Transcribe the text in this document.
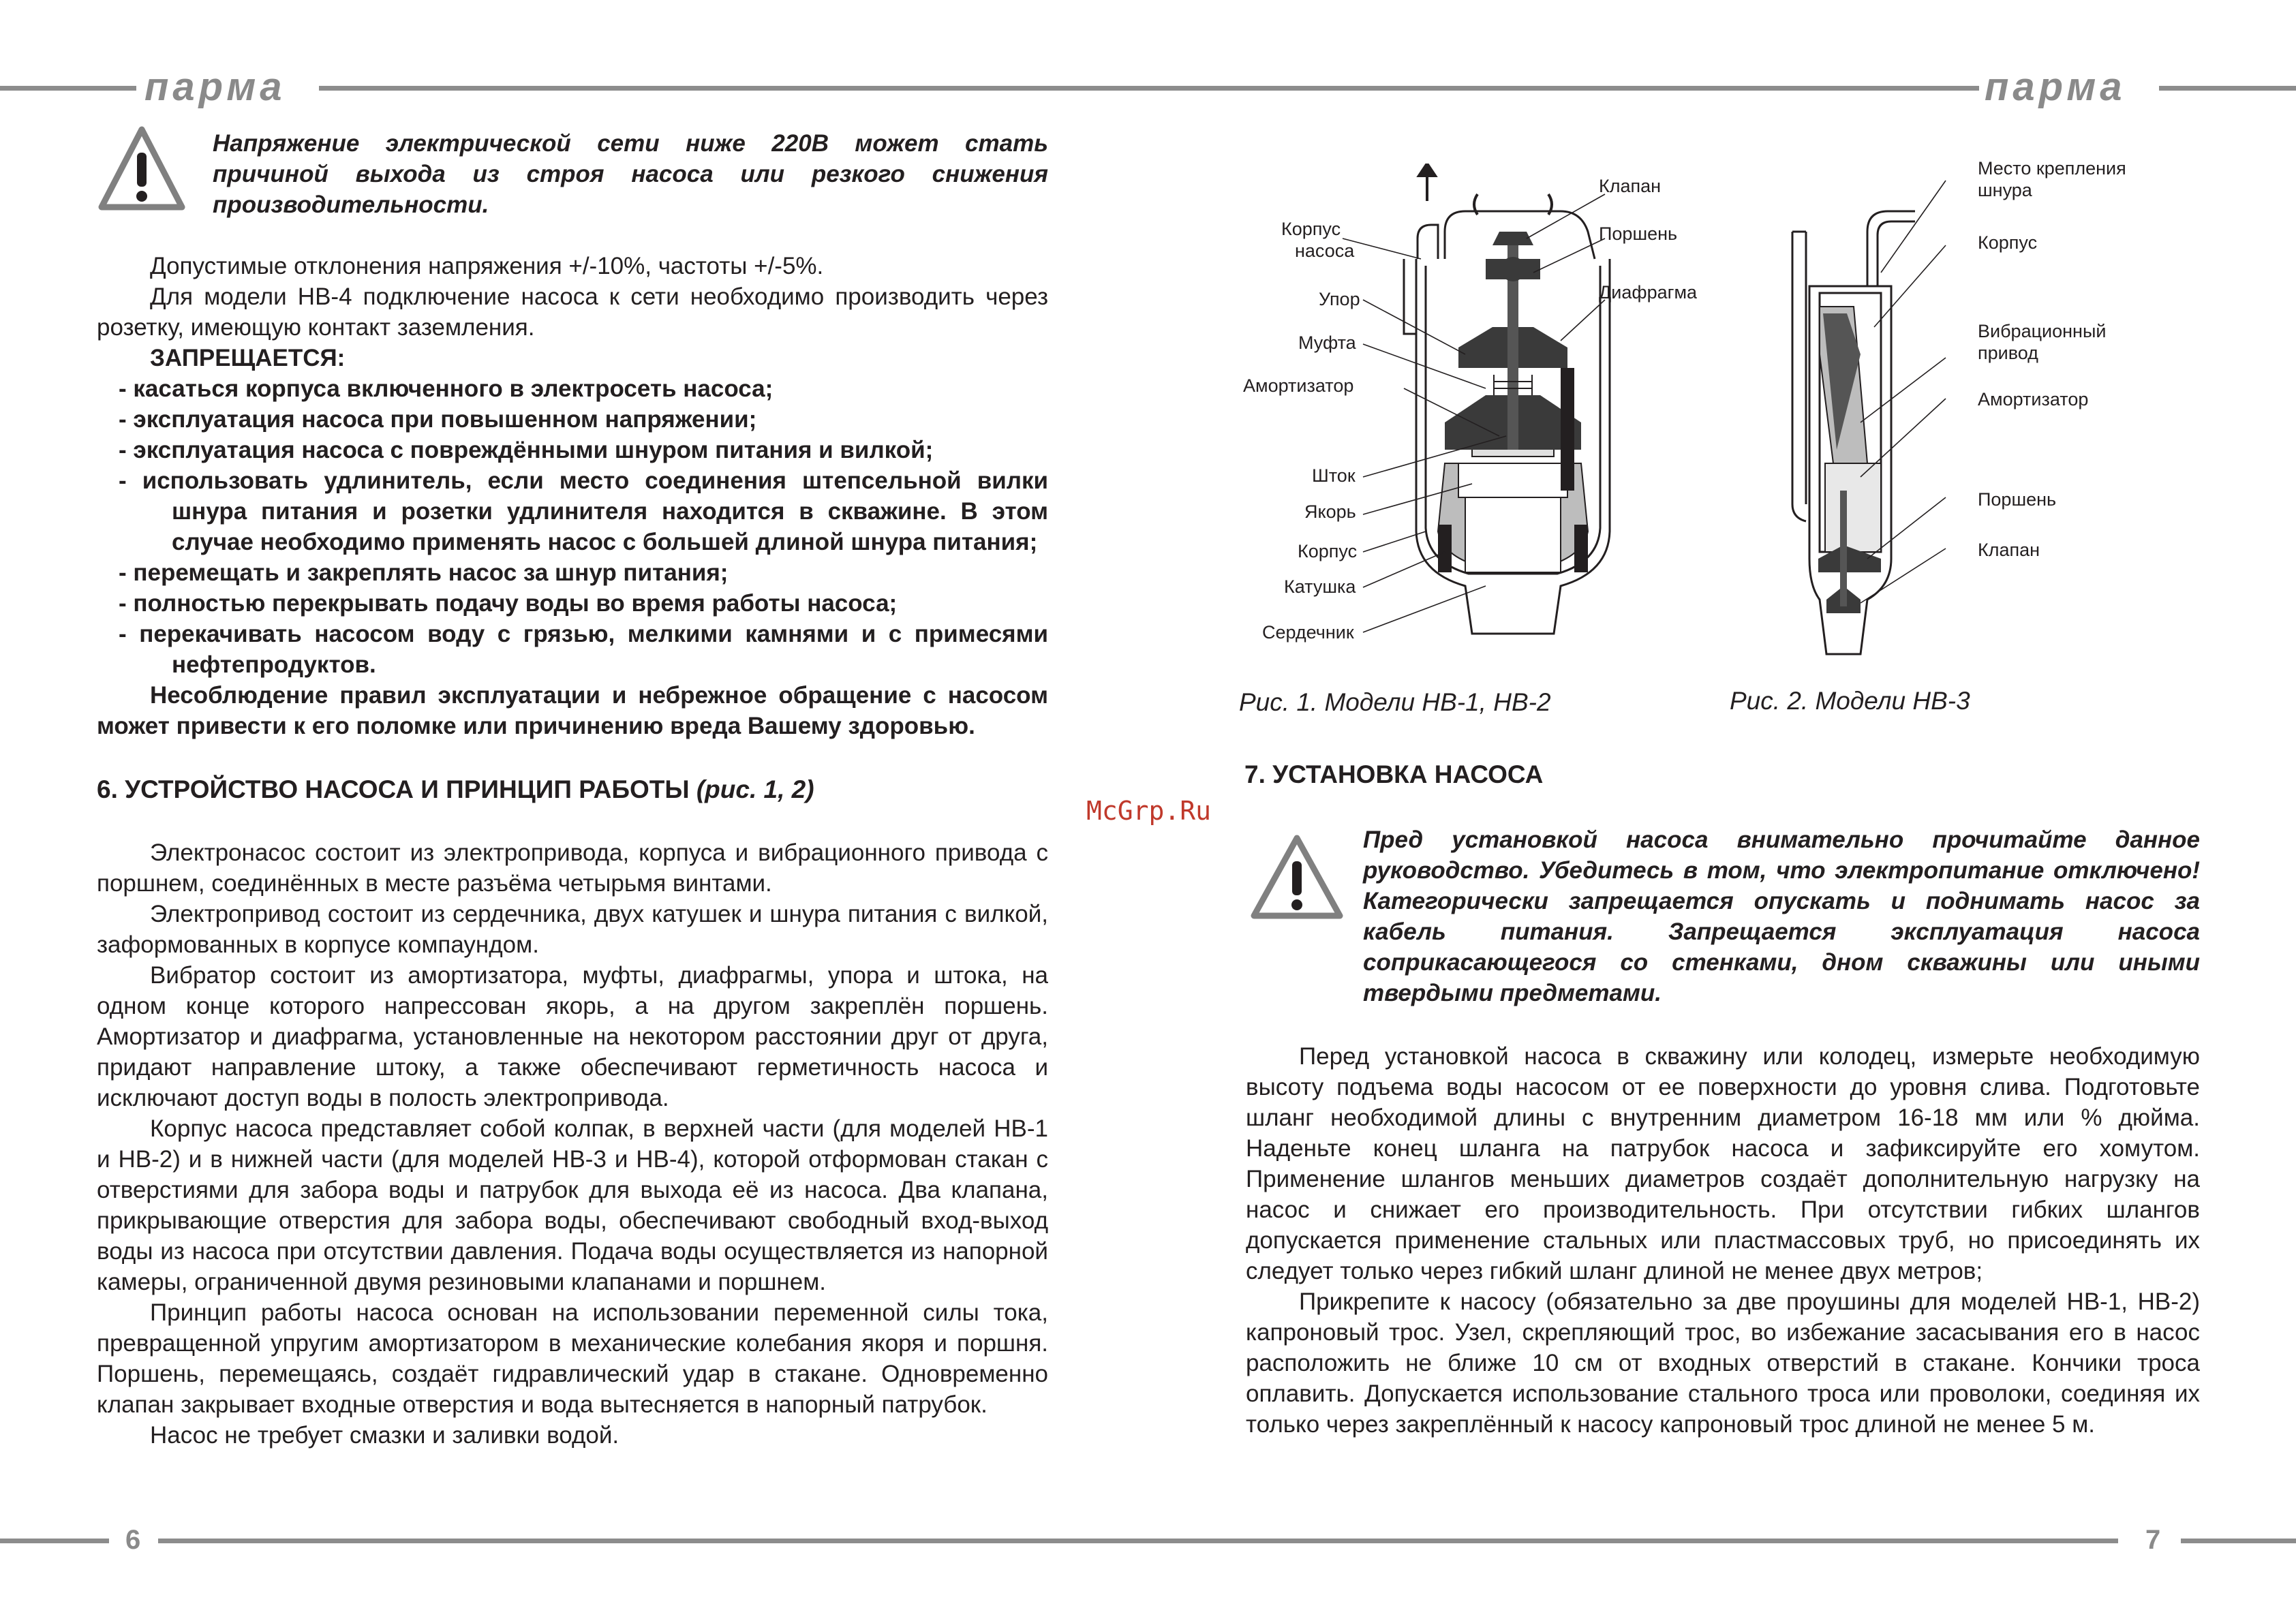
парма	парма
6	7
McGrp.Ru

Напряжение электрической сети ниже 220В может стать причиной выхода из строя насоса или резкого снижения производительности.

Допустимые отклонения напряжения +/-10%, частоты +/-5%.

Для модели НВ-4 подключение насоса к сети необходимо производить через розетку, имеющую контакт заземления.

ЗАПРЕЩАЕТСЯ:

- касаться корпуса включенного в электросеть насоса;

- эксплуатация насоса при повышенном напряжении;

- эксплуатация насоса с повреждёнными шнуром питания и вилкой;

- использовать удлинитель, если место соединения штепсельной вилки шнура питания и розетки удлинителя находится в скважине. В этом случае необходимо применять насос с большей длиной шнура питания;

- перемещать и закреплять насос за шнур питания;

- полностью перекрывать подачу воды во время работы насоса;

- перекачивать насосом воду с грязью, мелкими камнями и с примесями нефтепродуктов.

Несоблюдение правил эксплуатации и небрежное обращение с насосом может привести к его поломке или причинению вреда Вашему здоровью.

6. УСТРОЙСТВО НАСОСА И ПРИНЦИП РАБОТЫ (рис. 1, 2)

Электронасос состоит из электропривода, корпуса и вибрационного привода с поршнем, соединённых в месте разъёма четырьмя винтами.

Электропривод состоит из сердечника, двух катушек и шнура питания с вилкой, заформованных в корпусе компаундом.

Вибратор состоит из амортизатора, муфты, диафрагмы, упора и штока, на одном конце которого напрессован якорь, а на другом закреплён поршень. Амортизатор и диафрагма, установленные на некотором расстоянии друг от друга, придают направление штоку, а также обеспечивают герметичность насоса и исключают доступ воды в полость электропривода.

Корпус насоса представляет собой колпак, в верхней части (для моделей НВ-1 и НВ-2) и в нижней части (для моделей НВ-3 и НВ-4), которой отформован стакан с отверстиями для забора воды и патрубок для выхода её из насоса. Два клапана, прикрывающие отверстия для забора воды, обеспечивают свободный вход-выход воды из насоса при отсутствии давления. Подача воды осуществляется из напорной камеры, ограниченной двумя резиновыми клапанами и поршнем.

Принцип работы насоса основан на использовании переменной силы тока, превращенной упругим амортизатором в механические колебания якоря и поршня. Поршень, перемещаясь, создаёт гидравлический удар в стакане. Одновременно клапан закрывает входные отверстия и вода вытесняется в напорный патрубок.

Насос не требует смазки и заливки водой.

Клапан
Поршень
Диафрагма
Корпус
насоса
Упор
Муфта
Амортизатор
Шток
Якорь
Корпус
Катушка
Сердечник
Место крепления
шнура
Корпус
Вибрационный
привод
Амортизатор
Поршень
Клапан
Рис. 1. Модели НВ-1, НВ-2	Рис. 2. Модели НВ-3

7. УСТАНОВКА НАСОСА

Пред установкой насоса внимательно прочитайте данное руководство. Убедитесь в том, что электропитание отключено! Категорически запрещается опускать и поднимать насос за кабель питания. Запрещается эксплуатация насоса соприкасающегося со стенками, дном скважины или иными твердыми предметами.

Перед установкой насоса в скважину или колодец, измерьте необходимую высоту подъема воды насосом от ее поверхности до уровня слива. Подготовьте шланг необходимой длины с внутренним диаметром 16-18 мм или % дюйма. Наденьте конец шланга на патрубок насоса и зафиксируйте его хомутом. Применение шлангов меньших диаметров создаёт дополнительную нагрузку на насос и снижает его производительность. При отсутствии гибких шлангов допускается применение стальных или пластмассовых труб, но присоединять их следует только через гибкий шланг длиной не менее двух метров;

Прикрепите к насосу (обязательно за две проушины для моделей НВ-1, НВ-2) капроновый трос. Узел, скрепляющий трос, во избежание засасывания его в насос расположить не ближе 10 см от входных отверстий в стакане. Кончики троса оплавить. Допускается использование стального троса или проволоки, соединяя их только через закреплённый к насосу капроновый трос длиной не менее 5 м.
